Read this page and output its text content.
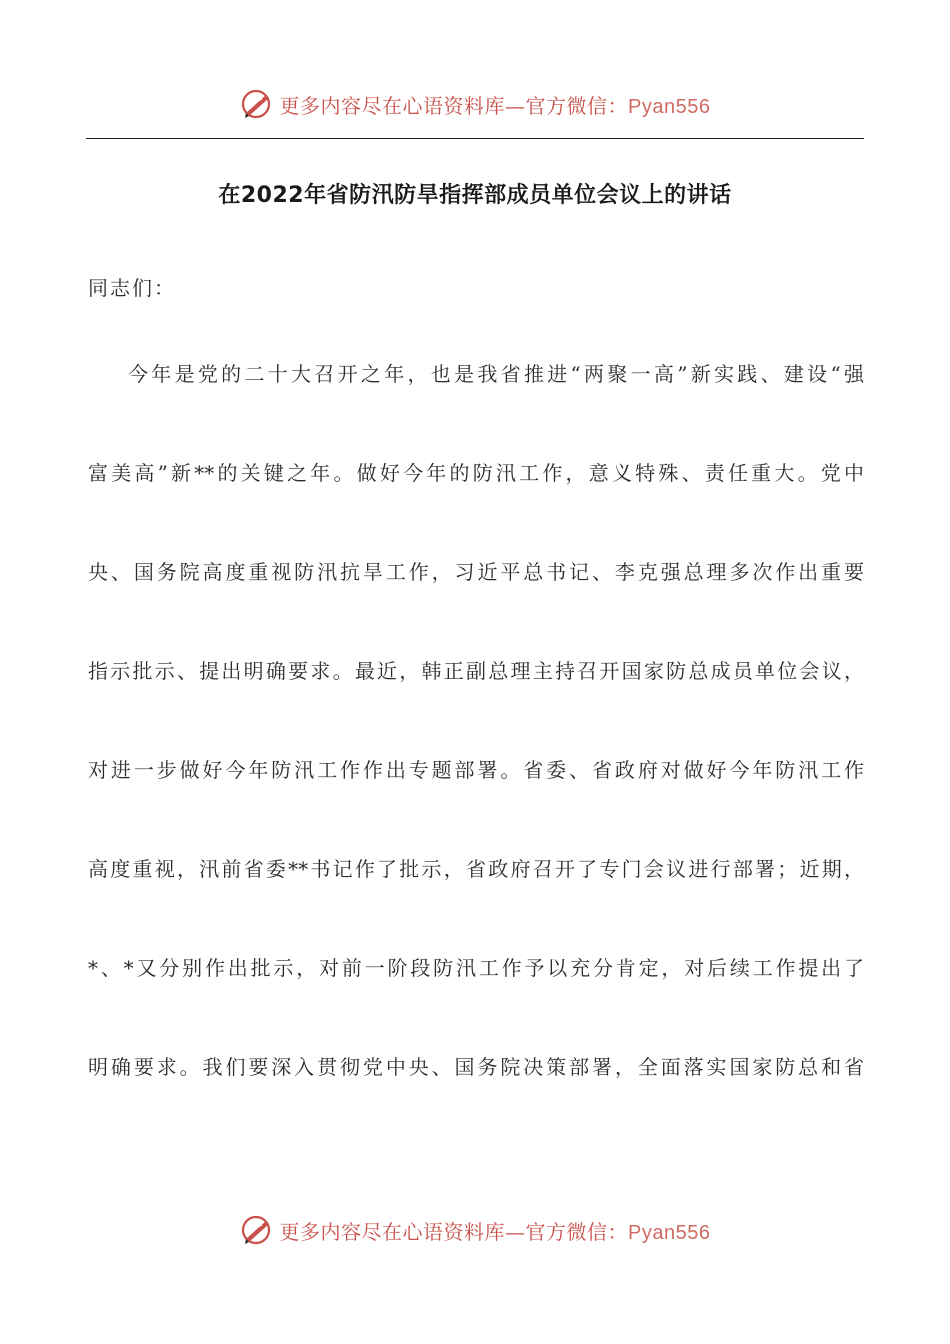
更多内容尽在心语资料库—官方微信：Pyan556
在2022年省防汛防旱指挥部成员单位会议上的讲话
同志们：
今年是党的二十大召开之年，也是我省推进“两聚一高”新实践、建设“强
富美高”新**的关键之年。做好今年的防汛工作，意义特殊、责任重大。党中
央、国务院高度重视防汛抗旱工作，习近平总书记、李克强总理多次作出重要
指示批示、提出明确要求。最近，韩正副总理主持召开国家防总成员单位会议，
对进一步做好今年防汛工作作出专题部署。省委、省政府对做好今年防汛工作
高度重视，汛前省委**书记作了批示，省政府召开了专门会议进行部署；近期，
*、*又分别作出批示，对前一阶段防汛工作予以充分肯定，对后续工作提出了
明确要求。我们要深入贯彻党中央、国务院决策部署，全面落实国家防总和省
更多内容尽在心语资料库—官方微信：Pyan556
